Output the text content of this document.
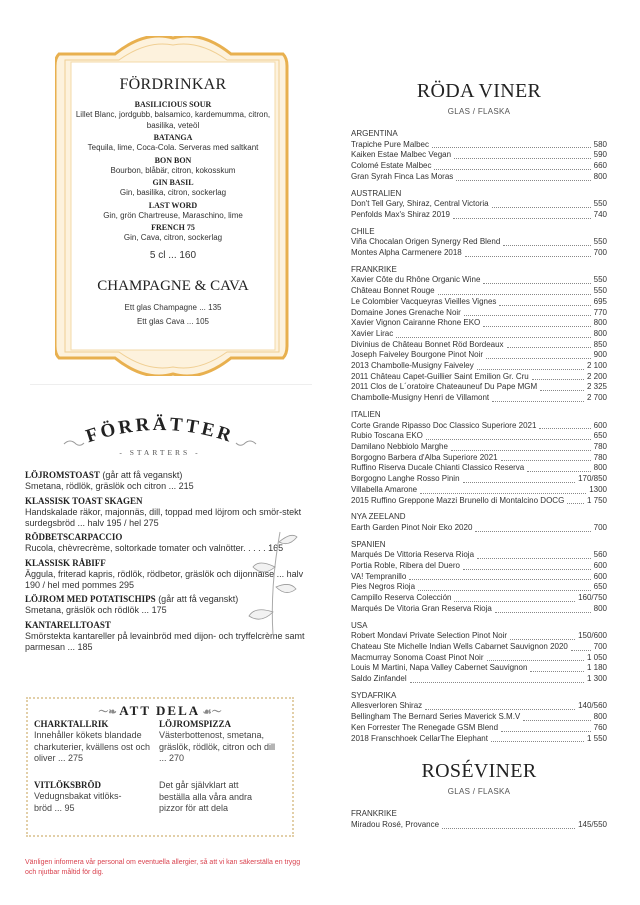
FÖRDRINKAR
BASILICIOUS SOUR
Lillet Blanc, jordgubb, balsamico, kardemumma, citron, basilika, veteöl
BATANGA
Tequila, lime, Coca-Cola. Serveras med saltkant
BON BON
Bourbon, blåbär, citron, kokosskum
GIN BASIL
Gin, basilika, citron, sockerlag
LAST WORD
Gin, grön Chartreuse, Maraschino, lime
FRENCH 75
Gin, Cava, citron, sockerlag
5 cl ... 160
CHAMPAGNE & CAVA
Ett glas Champagne ... 135
Ett glas Cava ... 105
FÖRRÄTTER
- STARTERS -
LÖJROMSTOAST (går att få veganskt)
Smetana, rödlök, gräslök och citron ... 215
KLASSISK TOAST SKAGEN
Handskalade räkor, majonnäs, dill, toppad med löjrom och smör-stekt surdegsbröd ... halv 195 / hel 275
RÖDBETSCARPACCIO
Rucola, chèvrecrème, soltorkade tomater och valnötter. . . . . 165
KLASSISK RÅBIFF
Äggula, friterad kapris, rödlök, rödbetor, gräslök och dijonnaise ... halv 190 / hel med pommes 295
LÖJROM MED POTATISCHIPS (går att få veganskt)
Smetana, gräslök och rödlök ... 175
KANTARELLTOAST
Smörstekta kantareller på levainbröd med dijon- och tryffelcrème samt parmesan ... 185
～❧ ATT DELA ☙～
CHARKTALLRIK
Innehåller kökets blandade charkuterier, kvällens ost och oliver ... 275
LÖJROMSPIZZA
Västerbottenost, smetana, gräslök, rödlök, citron och dill ... 270
VITLÖKSBRÖD
Vedugnsbakat vitlöks-bröd ... 95
Det går självklart att beställa alla våra andra pizzor för att dela
Vänligen informera vår personal om eventuella allergier, så att vi kan säkerställa en trygg och njutbar måltid för dig.
RÖDA VINER
GLAS / FLASKA
ARGENTINA
Trapiche Pure Malbec	580
Kaiken Estae Malbec Vegan	590
Colomé Estate Malbec	660
Gran Syrah Finca Las Moras	800
AUSTRALIEN
Don't Tell Gary, Shiraz, Central Victoria	550
Penfolds Max's Shiraz 2019	740
CHILE
Viña Chocalan Origen Synergy Red Blend	550
Montes Alpha Carmenere 2018	700
FRANKRIKE
Xavier Côte du Rhône Organic Wine	550
Château Bonnet Rouge	550
Le Colombier Vacqueyras Vieilles Vignes	695
Domaine Jones Grenache Noir	770
Xavier Vignon Cairanne Rhone EKO	800
Xavier Lirac	800
Divinius de Château Bonnet Röd Bordeaux	850
Joseph Faiveley Bourgone Pinot Noir	900
2013 Chambolle-Musigny Faiveley	2 100
2011 Château Capet-Guillier Saint Emilion Gr. Cru	2 200
2011 Clos de L´oratoire Chateauneuf Du Pape MGM	2 325
Chambolle-Musigny Henri de Villamont	2 700
ITALIEN
Corte Grande Ripasso Doc Classico Superiore 2021	600
Rubio Toscana EKO	650
Damilano Nebbiolo Marghe	780
Borgogno Barbera d'Alba Superiore 2021	780
Ruffino Riserva Ducale Chianti Classico Reserva	800
Borgogno Langhe Rosso Pinin	170/850
Villabella Amarone	1300
2015 Ruffino Greppone Mazzi Brunello di Montalcino DOCG	1 750
NYA ZEELAND
Earth Garden Pinot Noir Eko 2020	700
SPANIEN
Marqués De Vittoria Reserva Rioja	560
Portia Roble, Ribera del Duero	600
VA! Tempranillo	600
Pies Negros Rioja	650
Campillo Reserva Colección	160/750
Marqués De Vitoria Gran Reserva Rioja	800
USA
Robert Mondavi Private Selection Pinot Noir	150/600
Chateau Ste Michelle Indian Wells Cabarnet Sauvignon 2020	700
Macmurray Sonoma Coast Pinot Noir	1 050
Louis M Martini, Napa Valley Cabernet Sauvignon	1 180
Saldo Zinfandel	1 300
SYDAFRIKA
Allesverloren Shiraz	140/560
Bellingham The Bernard Series Maverick S.M.V	800
Ken Forrester The Renegade GSM Blend	760
2018 Franschhoek CellarThe Elephant	1 550
ROSÉVINER
GLAS / FLASKA
FRANKRIKE
Miradou Rosé, Provance	145/550
